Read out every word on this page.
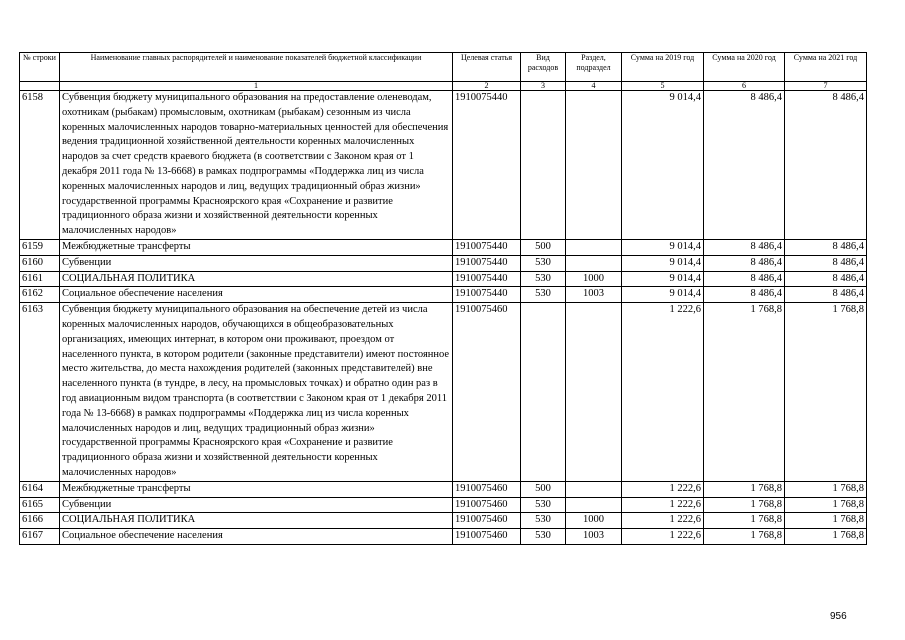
№ строки	Наименование главных распорядителей и наименование показателей бюджетной классификации	Целевая статья	Вид расходов	Раздел, подраздел	Сумма на 2019 год	Сумма на 2020 год	Сумма на 2021 год
	1	2	3	4	5	6	7
6158	Субвенция бюджету муниципального образования на предоставление оленеводам, охотникам (рыбакам) промысловым, охотникам (рыбакам) сезонным из числа коренных малочисленных народов товарно-материальных ценностей для обеспечения ведения традиционной хозяйственной деятельности коренных малочисленных народов за счет средств краевого бюджета (в соответствии с Законом края от 1 декабря 2011 года № 13-6668) в рамках подпрограммы «Поддержка лиц из числа коренных малочисленных народов и лиц, ведущих традиционный образ жизни» государственной программы Красноярского края «Сохранение и развитие традиционного образа жизни и хозяйственной деятельности коренных малочисленных народов»	1910075440			9 014,4	8 486,4	8 486,4
6159	Межбюджетные трансферты	1910075440	500		9 014,4	8 486,4	8 486,4
6160	Субвенции	1910075440	530		9 014,4	8 486,4	8 486,4
6161	СОЦИАЛЬНАЯ ПОЛИТИКА	1910075440	530	1000	9 014,4	8 486,4	8 486,4
6162	Социальное обеспечение населения	1910075440	530	1003	9 014,4	8 486,4	8 486,4
6163	Субвенция бюджету муниципального образования на обеспечение детей из числа коренных малочисленных народов, обучающихся в общеобразовательных организациях, имеющих интернат, в котором они проживают, проездом от населенного пункта, в котором родители (законные представители) имеют постоянное место жительства, до места нахождения родителей (законных представителей) вне населенного пункта (в тундре, в лесу, на промысловых точках) и обратно один раз в год авиационным видом транспорта (в соответствии с Законом края от 1 декабря 2011 года № 13-6668) в рамках подпрограммы «Поддержка лиц из числа коренных малочисленных народов и лиц, ведущих традиционный образ жизни» государственной программы Красноярского края «Сохранение и развитие традиционного образа жизни и хозяйственной деятельности коренных малочисленных народов»	1910075460			1 222,6	1 768,8	1 768,8
6164	Межбюджетные трансферты	1910075460	500		1 222,6	1 768,8	1 768,8
6165	Субвенции	1910075460	530		1 222,6	1 768,8	1 768,8
6166	СОЦИАЛЬНАЯ ПОЛИТИКА	1910075460	530	1000	1 222,6	1 768,8	1 768,8
6167	Социальное обеспечение населения	1910075460	530	1003	1 222,6	1 768,8	1 768,8
956
